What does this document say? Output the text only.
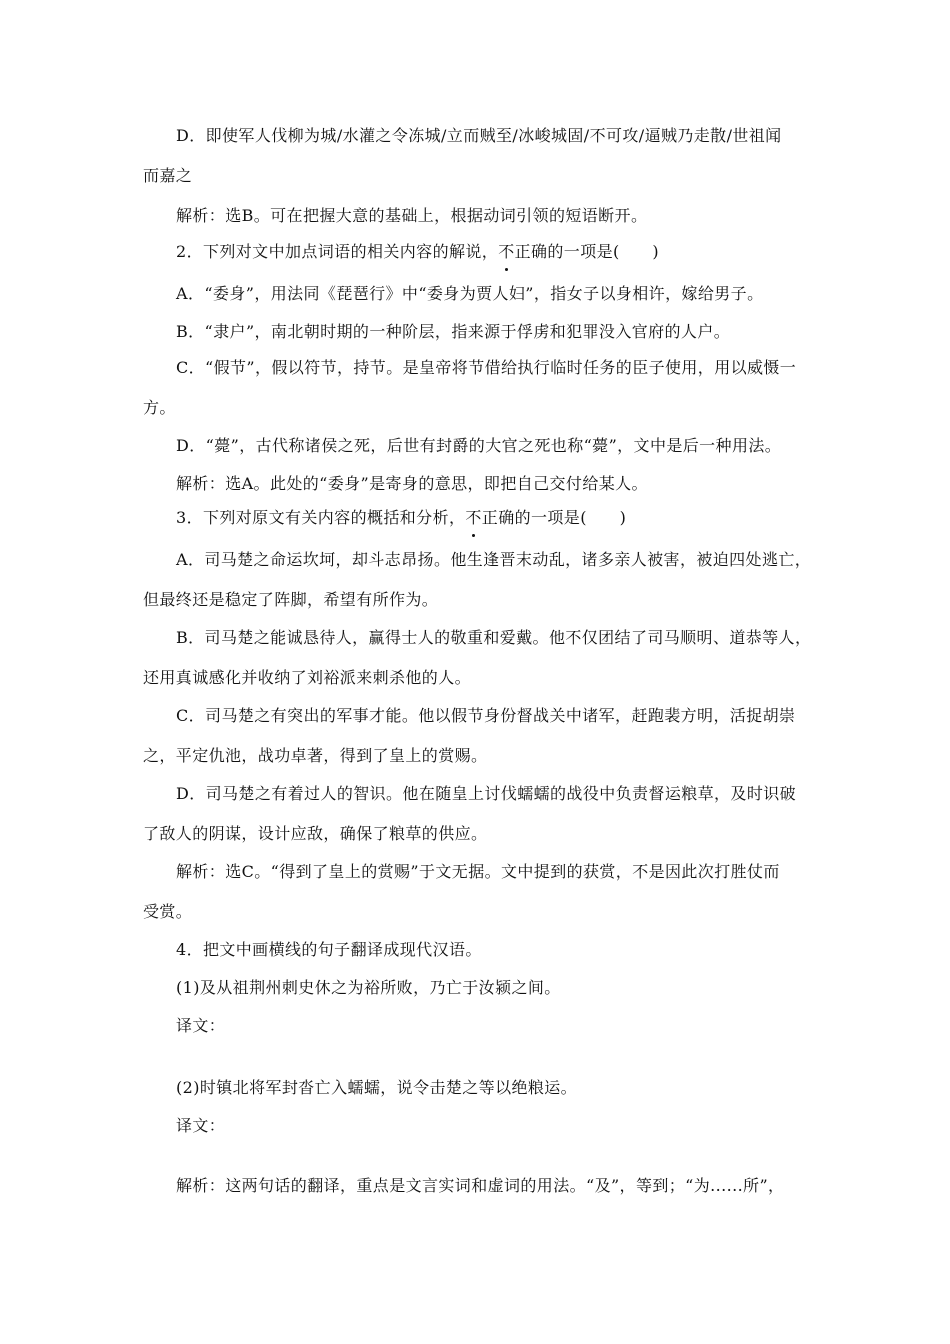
D．即使军人伐柳为城/水灌之令冻城/立而贼至/冰峻城固/不可攻/逼贼乃走散/世祖闻
而嘉之
解析：选B。可在把握大意的基础上，根据动词引领的短语断开。
2．下列对文中加点词语的相关内容的解说，不正确的一项是(　　)
A．“委身”，用法同《琵琶行》中“委身为贾人妇”，指女子以身相许，嫁给男子。
B．“隶户”，南北朝时期的一种阶层，指来源于俘虏和犯罪没入官府的人户。
C．“假节”，假以符节，持节。是皇帝将节借给执行临时任务的臣子使用，用以威慑一
方。
D．“薨”，古代称诸侯之死，后世有封爵的大官之死也称“薨”，文中是后一种用法。
解析：选A。此处的“委身”是寄身的意思，即把自己交付给某人。
3．下列对原文有关内容的概括和分析，不正确的一项是(　　)
A．司马楚之命运坎坷，却斗志昂扬。他生逢晋末动乱，诸多亲人被害，被迫四处逃亡，
但最终还是稳定了阵脚，希望有所作为。
B．司马楚之能诚恳待人，赢得士人的敬重和爱戴。他不仅团结了司马顺明、道恭等人，
还用真诚感化并收纳了刘裕派来刺杀他的人。
C．司马楚之有突出的军事才能。他以假节身份督战关中诸军，赶跑裴方明，活捉胡崇
之，平定仇池，战功卓著，得到了皇上的赏赐。
D．司马楚之有着过人的智识。他在随皇上讨伐蠕蠕的战役中负责督运粮草，及时识破
了敌人的阴谋，设计应敌，确保了粮草的供应。
解析：选C。“得到了皇上的赏赐”于文无据。文中提到的获赏，不是因此次打胜仗而
受赏。
4．把文中画横线的句子翻译成现代汉语。
(1)及从祖荆州刺史休之为裕所败，乃亡于汝颍之间。
译文：
(2)时镇北将军封沓亡入蠕蠕，说令击楚之等以绝粮运。
译文：
解析：这两句话的翻译，重点是文言实词和虚词的用法。“及”，等到；“为......所”，
